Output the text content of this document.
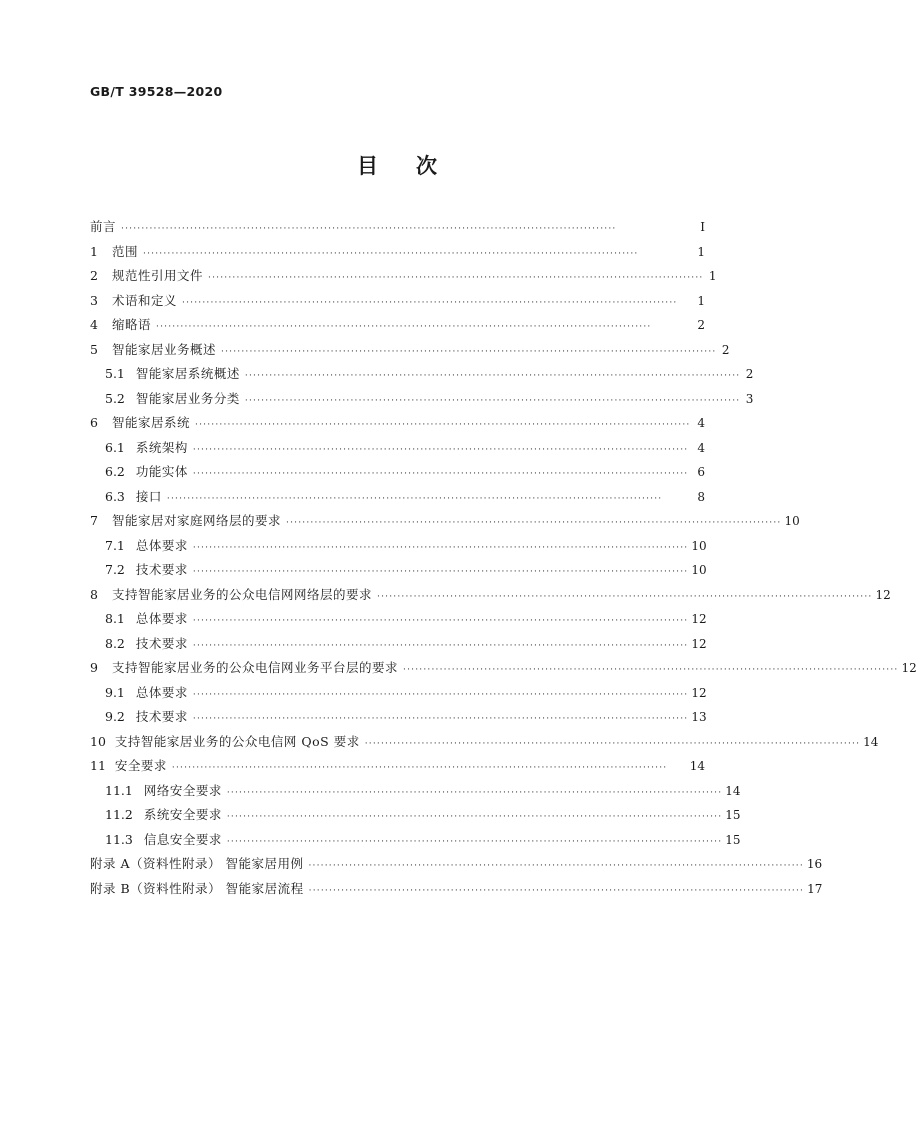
GB/T 39528—2020
目次
前言 ··························································································································	Ⅰ
1	范围 ··························································································································	1
2	规范性引用文件 ·························································································································· 1
3	术语和定义 ··························································································································	1
4	缩略语 ··························································································································	2
5	智能家居业务概述 ·························································································································· 2
5.1 智能家居系统概述 ·························································································································· 2
5.2 智能家居业务分类 ·························································································································· 3
6	智能家居系统 ·························································································································· 4
6.1 系统架构 ·························································································································· 4
6.2 功能实体 ·························································································································· 6
6.3 接口 ··························································································································	8
7	智能家居对家庭网络层的要求 ·························································································································· 10
7.1 总体要求 ·························································································································· 10
7.2 技术要求 ·························································································································· 10
8	支持智能家居业务的公众电信网网络层的要求 ·························································································································· 12
8.1 总体要求 ·························································································································· 12
8.2 技术要求 ·························································································································· 12
9	支持智能家居业务的公众电信网业务平台层的要求 ·························································································································· 12
9.1 总体要求 ·························································································································· 12
9.2 技术要求 ·························································································································· 13
10 支持智能家居业务的公众电信网 QoS 要求 ·························································································································· 14
11 安全要求 ··························································································································	14
11.1 网络安全要求 ·························································································································· 14
11.2 系统安全要求 ·························································································································· 15
11.3 信息安全要求 ·························································································································· 15
附录 A（资料性附录） 智能家居用例 ·························································································································· 16
附录 B（资料性附录） 智能家居流程 ·························································································································· 17
